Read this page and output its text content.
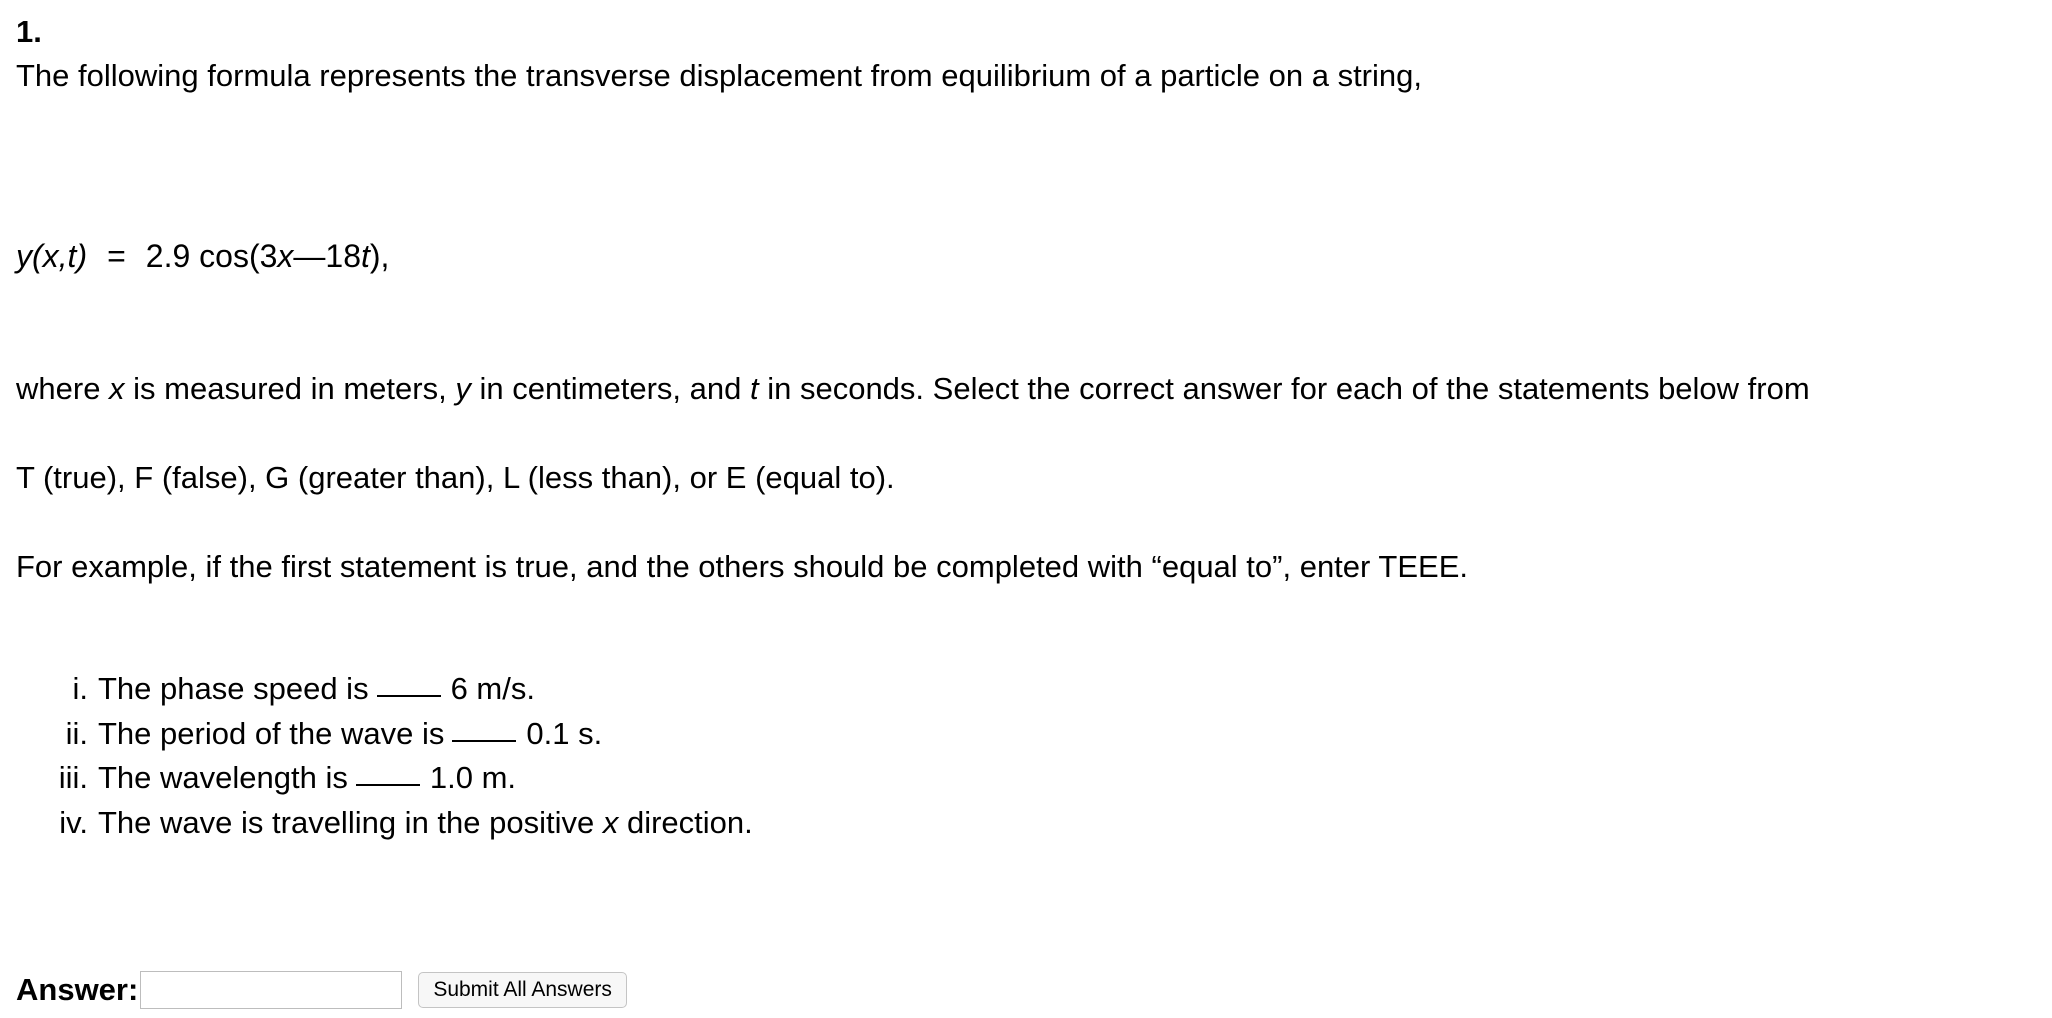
1.
The following formula represents the transverse displacement from equilibrium of a particle on a string,
y(x,t) = 2.9 cos(3x—18t),
where x is measured in meters, y in centimeters, and t in seconds. Select the correct answer for each of the statements below from
T (true), F (false), G (greater than), L (less than), or E (equal to).
For example, if the first statement is true, and the others should be completed with “equal to”, enter TEEE.
i. The phase speed is	6 m/s.
ii. The period of the wave is	0.1 s.
iii. The wavelength is	1.0 m.
iv. The wave is travelling in the positive x direction.
Answer:	Submit All Answers
